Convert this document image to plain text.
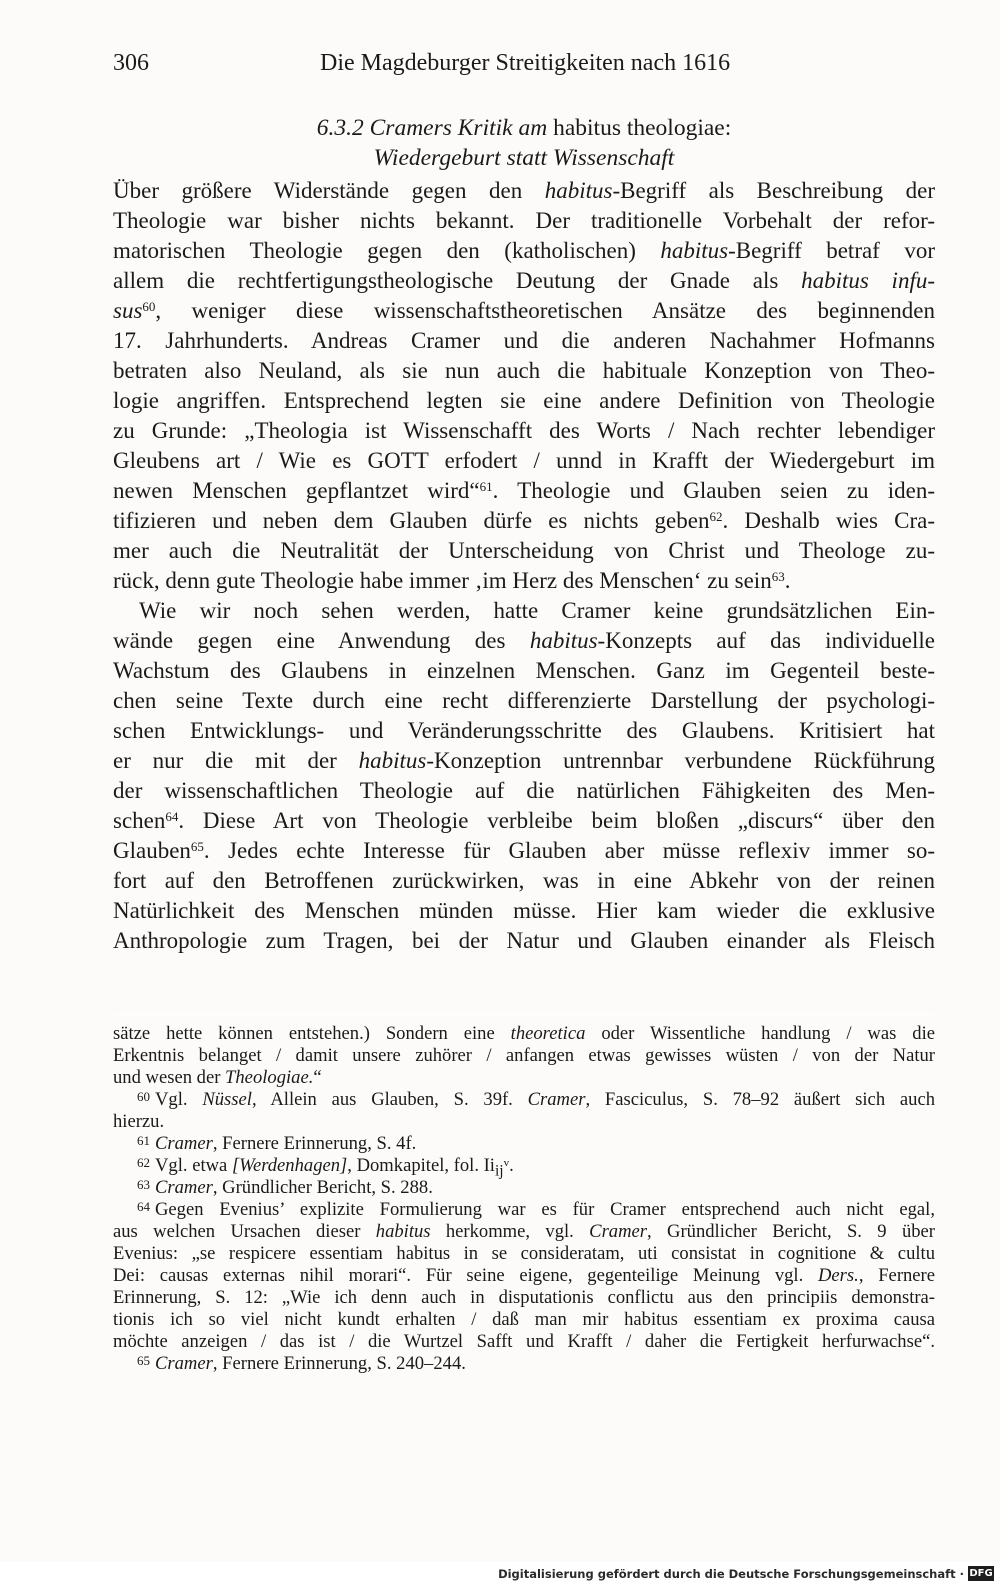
306	Die Magdeburger Streitigkeiten nach 1616
6.3.2 Cramers Kritik am habitus theologiae:
Wiedergeburt statt Wissenschaft
Über größere Widerstände gegen den habitus-Begriff als Beschreibung der
Theologie war bisher nichts bekannt. Der traditionelle Vorbehalt der refor-
matorischen Theologie gegen den (katholischen) habitus-Begriff betraf vor
allem die rechtfertigungstheologische Deutung der Gnade als habitus infu-
sus$^{60}$, weniger diese wissenschaftstheoretischen Ansätze des beginnenden
17. Jahrhunderts. Andreas Cramer und die anderen Nachahmer Hofmanns
betraten also Neuland, als sie nun auch die habituale Konzeption von Theo-
logie angriffen. Entsprechend legten sie eine andere Definition von Theologie
zu Grunde: „Theologia ist Wissenschafft des Worts / Nach rechter lebendiger
Gleubens art / Wie es GOTT erfodert / unnd in Krafft der Wiedergeburt im
newen Menschen gepflantzet wird“$^{61}$. Theologie und Glauben seien zu iden-
tifizieren und neben dem Glauben dürfe es nichts geben$^{62}$. Deshalb wies Cra-
mer auch die Neutralität der Unterscheidung von Christ und Theologe zu-
rück, denn gute Theologie habe immer ‚im Herz des Menschen‘ zu sein$^{63}$.
Wie wir noch sehen werden, hatte Cramer keine grundsätzlichen Ein-
wände gegen eine Anwendung des habitus-Konzepts auf das individuelle
Wachstum des Glaubens in einzelnen Menschen. Ganz im Gegenteil beste-
chen seine Texte durch eine recht differenzierte Darstellung der psychologi-
schen Entwicklungs- und Veränderungsschritte des Glaubens. Kritisiert hat
er nur die mit der habitus-Konzeption untrennbar verbundene Rückführung
der wissenschaftlichen Theologie auf die natürlichen Fähigkeiten des Men-
schen$^{64}$. Diese Art von Theologie verbleibe beim bloßen „discurs“ über den
Glauben$^{65}$. Jedes echte Interesse für Glauben aber müsse reflexiv immer so-
fort auf den Betroffenen zurückwirken, was in eine Abkehr von der reinen
Natürlichkeit des Menschen münden müsse. Hier kam wieder die exklusive
Anthropologie zum Tragen, bei der Natur und Glauben einander als Fleisch
sätze hette können entstehen.) Sondern eine theoretica oder Wissentliche handlung / was die
Erkentnis belanget / damit unsere zuhörer / anfangen etwas gewisses wüsten / von der Natur
und wesen der Theologiae.“
$^{60}$ Vgl. Nüssel, Allein aus Glauben, S. 39f. Cramer, Fasciculus, S. 78–92 äußert sich auch
hierzu.
$^{61}$ Cramer, Fernere Erinnerung, S. 4f.
$^{62}$ Vgl. etwa [Werdenhagen], Domkapitel, fol. $Ii_{ij}^v$.
$^{63}$ Cramer, Gründlicher Bericht, S. 288.
$^{64}$ Gegen Evenius’ explizite Formulierung war es für Cramer entsprechend auch nicht egal,
aus welchen Ursachen dieser habitus herkomme, vgl. Cramer, Gründlicher Bericht, S. 9 über
Evenius: „se respicere essentiam habitus in se consideratam, uti consistat in cognitione & cultu
Dei: causas externas nihil morari“. Für seine eigene, gegenteilige Meinung vgl. Ders., Fernere
Erinnerung, S. 12: „Wie ich denn auch in disputationis conflictu aus den principiis demonstra-
tionis ich so viel nicht kundt erhalten / daß man mir habitus essentiam ex proxima causa
möchte anzeigen / das ist / die Wurtzel Safft und Krafft / daher die Fertigkeit herfurwachse“.
$^{65}$ Cramer, Fernere Erinnerung, S. 240–244.
Digitalisierung gefördert durch die Deutsche Forschungsgemeinschaft · DFG
